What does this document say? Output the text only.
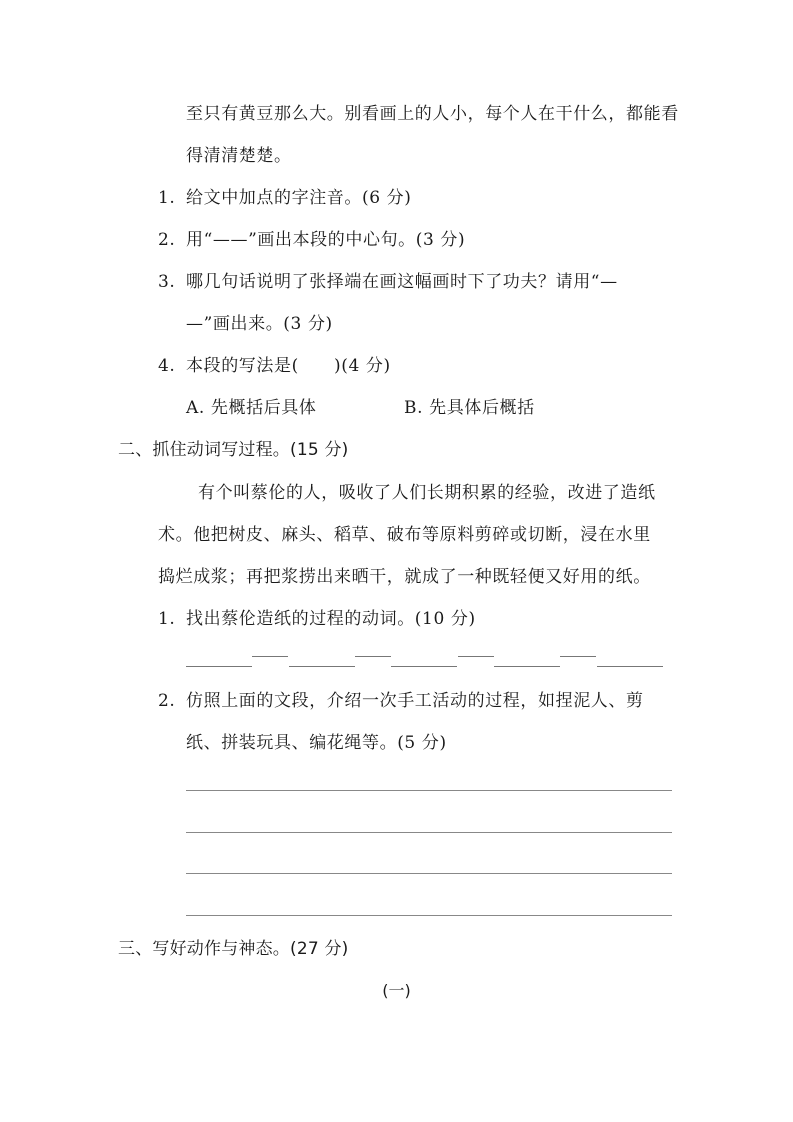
至只有黄豆那么大。别看画上的人小，每个人在干什么，都能看
得清清楚楚。
1. 给文中加点的字注音。(6 分)
2. 用“——”画出本段的中心句。(3 分)
3. 哪几句话说明了张择端在画这幅画时下了功夫？请用“—
—”画出来。(3 分)
4. 本段的写法是(　　)(4 分)
A. 先概括后具体	B. 先具体后概括
二、抓住动词写过程。(15 分)
有个叫蔡伦的人，吸收了人们长期积累的经验，改进了造纸
术。他把树皮、麻头、稻草、破布等原料剪碎或切断，浸在水里
捣烂成浆；再把浆捞出来晒干，就成了一种既轻便又好用的纸。
1. 找出蔡伦造纸的过程的动词。(10 分)
2. 仿照上面的文段，介绍一次手工活动的过程，如捏泥人、剪
纸、拼装玩具、编花绳等。(5 分)
三、写好动作与神态。(27 分)
(一)
